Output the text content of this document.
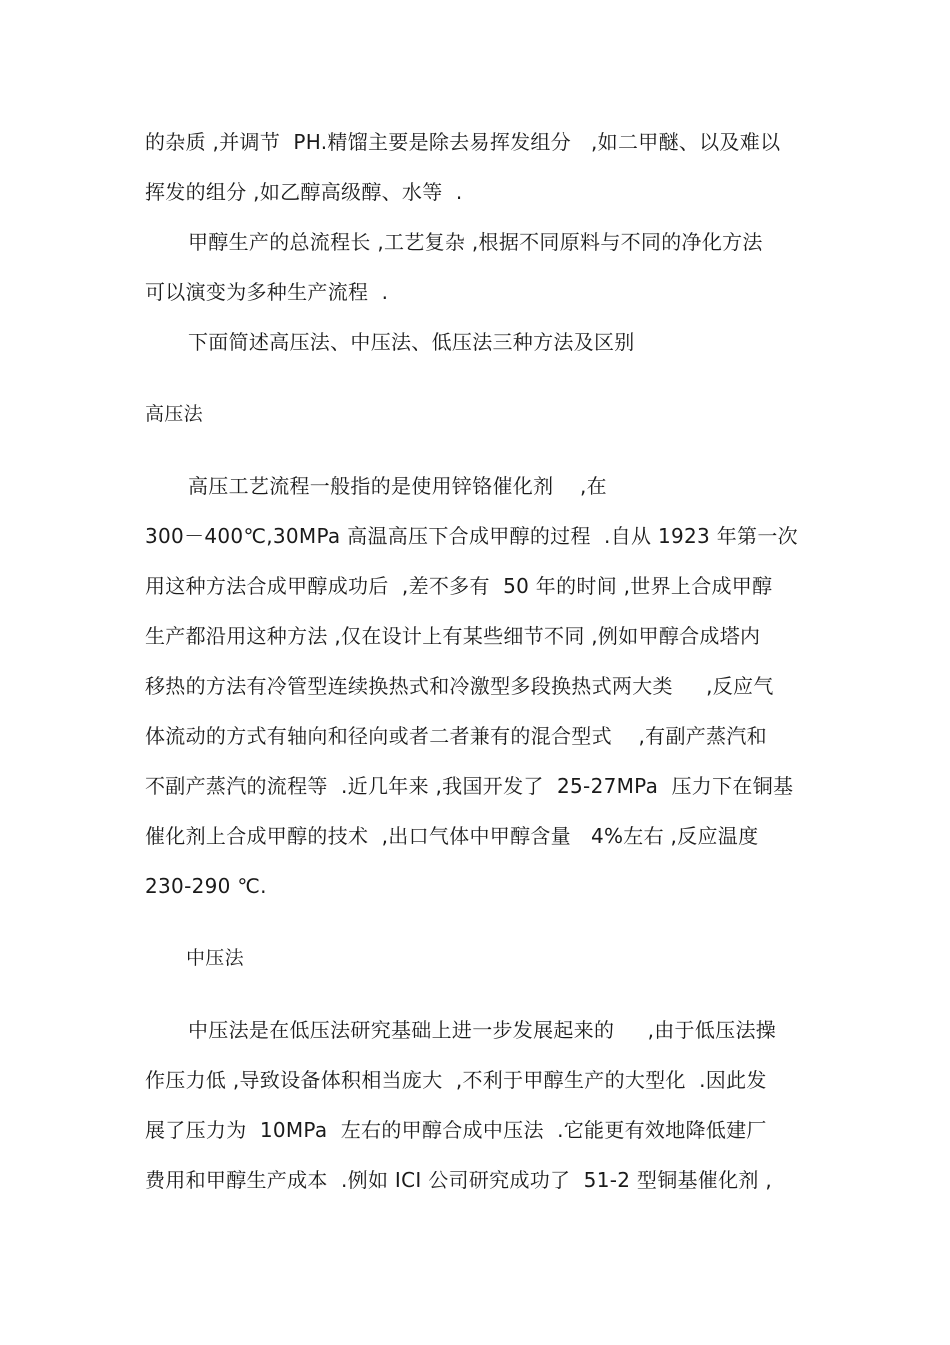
的杂质 ,并调节  PH.精馏主要是除去易挥发组分   ,如二甲醚、以及难以
挥发的组分 ,如乙醇高级醇、水等  .
甲醇生产的总流程长 ,工艺复杂 ,根据不同原料与不同的净化方法
可以演变为多种生产流程  .
下面简述高压法、中压法、低压法三种方法及区别
高压法
高压工艺流程一般指的是使用锌铬催化剂    ,在
300－400℃,30MPa 高温高压下合成甲醇的过程  .自从 1923 年第一次
用这种方法合成甲醇成功后  ,差不多有  50 年的时间 ,世界上合成甲醇
生产都沿用这种方法 ,仅在设计上有某些细节不同 ,例如甲醇合成塔内
移热的方法有冷管型连续换热式和冷激型多段换热式两大类     ,反应气
体流动的方式有轴向和径向或者二者兼有的混合型式    ,有副产蒸汽和
不副产蒸汽的流程等  .近几年来 ,我国开发了  25-27MPa  压力下在铜基
催化剂上合成甲醇的技术  ,出口气体中甲醇含量   4%左右 ,反应温度
230-290 ℃.
中压法
中压法是在低压法研究基础上进一步发展起来的     ,由于低压法操
作压力低 ,导致设备体积相当庞大  ,不利于甲醇生产的大型化  .因此发
展了压力为  10MPa  左右的甲醇合成中压法  .它能更有效地降低建厂
费用和甲醇生产成本  .例如 ICI 公司研究成功了  51-2 型铜基催化剂 ,
